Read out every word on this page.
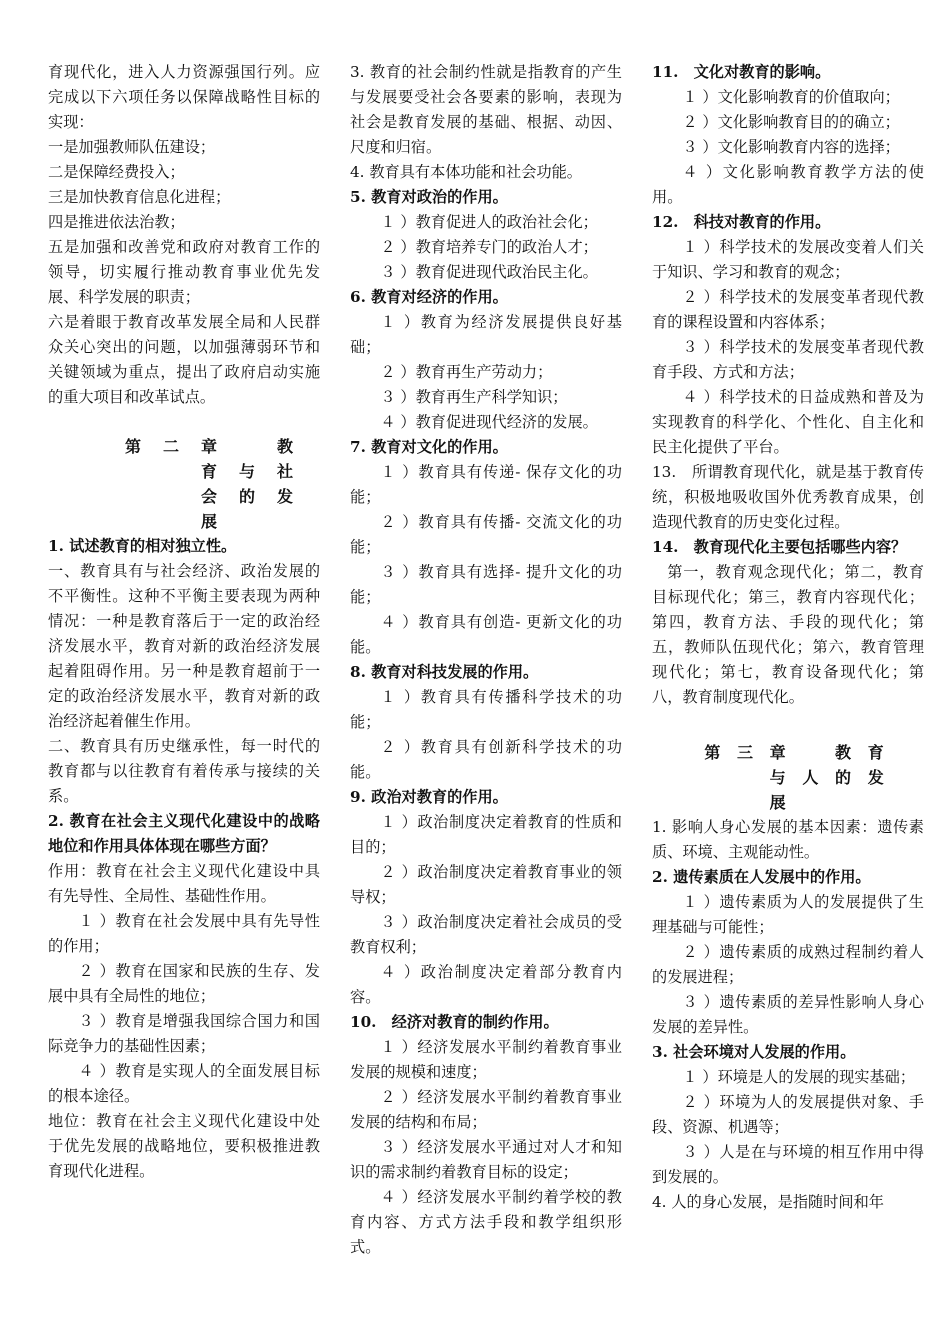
育现代化，进入人力资源强国行列。应完成以下六项任务以保障战略性目标的实现：

一是加强教师队伍建设；

二是保障经费投入；

三是加快教育信息化进程；

四是推进依法治教；

五是加强和改善党和政府对教育工作的领导，切实履行推动教育事业优先发展、科学发展的职责；

六是着眼于教育改革发展全局和人民群众关心突出的问题，以加强薄弱环节和关键领域为重点，提出了政府启动实施的重大项目和改革试点。

第	二	章	教
育	与	社
会	的	发
展

1. 试述教育的相对独立性。

一、教育具有与社会经济、政治发展的不平衡性。这种不平衡主要表现为两种情况：一种是教育落后于一定的政治经济发展水平，教育对新的政治经济发展起着阻碍作用。另一种是教育超前于一定的政治经济发展水平，教育对新的政治经济起着催生作用。

二、教育具有历史继承性，每一时代的教育都与以往教育有着传承与接续的关系。

2. 教育在社会主义现代化建设中的战略地位和作用具体体现在哪些方面？

作用：教育在社会主义现代化建设中具有先导性、全局性、基础性作用。

１ ）教育在社会发展中具有先导性的作用；

２ ）教育在国家和民族的生存、发展中具有全局性的地位；

３ ）教育是增强我国综合国力和国际竞争力的基础性因素；

４ ）教育是实现人的全面发展目标的根本途径。

地位：教育在社会主义现代化建设中处于优先发展的战略地位，要积极推进教育现代化进程。

3. 教育的社会制约性就是指教育的产生与发展要受社会各要素的影响，表现为社会是教育发展的基础、根据、动因、尺度和归宿。

4. 教育具有本体功能和社会功能。

5. 教育对政治的作用。

１ ）教育促进人的政治社会化；

２ ）教育培养专门的政治人才；

３ ）教育促进现代政治民主化。

6. 教育对经济的作用。

１ ）教育为经济发展提供良好基础；

２ ）教育再生产劳动力；

３ ）教育再生产科学知识；

４ ）教育促进现代经济的发展。

7. 教育对文化的作用。

１ ）教育具有传递- 保存文化的功能；

２ ）教育具有传播- 交流文化的功能；

３ ）教育具有选择- 提升文化的功能；

４ ）教育具有创造- 更新文化的功能。

8. 教育对科技发展的作用。

１ ）教育具有传播科学技术的功能；

２ ）教育具有创新科学技术的功能。

9. 政治对教育的作用。

１ ）政治制度决定着教育的性质和目的；

２ ）政治制度决定着教育事业的领导权；

３ ）政治制度决定着社会成员的受教育权利；

４ ）政治制度决定着部分教育内容。

10.　经济对教育的制约作用。

１ ）经济发展水平制约着教育事业发展的规模和速度；

２ ）经济发展水平制约着教育事业发展的结构和布局；

３ ）经济发展水平通过对人才和知识的需求制约着教育目标的设定；

４ ）经济发展水平制约着学校的教育内容、方式方法手段和教学组织形式。

11.　文化对教育的影响。

１ ）文化影响教育的价值取向；

２ ）文化影响教育目的的确立；

３ ）文化影响教育内容的选择；

４ ）文化影响教育教学方法的使用。

12.　科技对教育的作用。

１ ）科学技术的发展改变着人们关于知识、学习和教育的观念；

２ ）科学技术的发展变革者现代教育的课程设置和内容体系；

３ ）科学技术的发展变革者现代教育手段、方式和方法；

４ ）科学技术的日益成熟和普及为实现教育的科学化、个性化、自主化和民主化提供了平台。

13.　所谓教育现代化，就是基于教育传统，积极地吸收国外优秀教育成果，创造现代教育的历史变化过程。

14.　教育现代化主要包括哪些内容？

第一，教育观念现代化；第二，教育目标现代化；第三，教育内容现代化；第四，教育方法、手段的现代化；第五，教师队伍现代化；第六，教育管理现代化；第七，教育设备现代化；第八，教育制度现代化。

第	三	章	教	育
与	人	的	发
展

1. 影响人身心发展的基本因素：遗传素质、环境、主观能动性。

2. 遗传素质在人发展中的作用。

１ ）遗传素质为人的发展提供了生理基础与可能性；

２ ）遗传素质的成熟过程制约着人的发展进程；

３ ）遗传素质的差异性影响人身心发展的差异性。

3. 社会环境对人发展的作用。

１ ）环境是人的发展的现实基础；

２ ）环境为人的发展提供对象、手段、资源、机遇等；

３ ）人是在与环境的相互作用中得到发展的。

4. 人的身心发展，是指随时间和年
